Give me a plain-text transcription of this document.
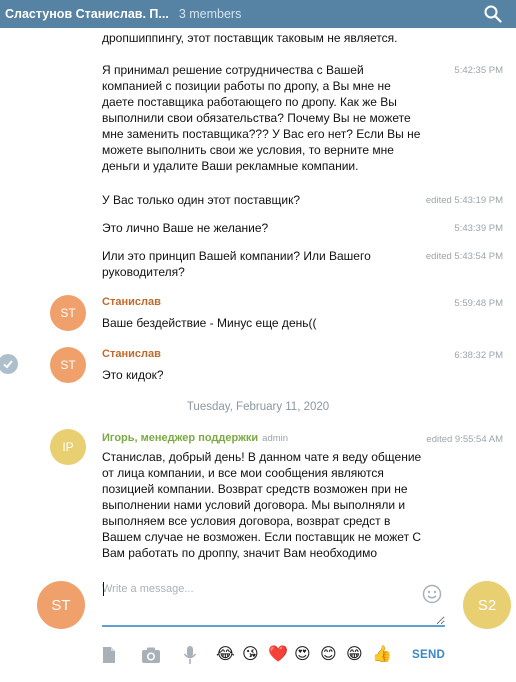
Сластунов Станислав. П... 3 members
дропшиппингу, этот поставщик таковым не является.
Я принимал решение сотрудничества с Вашей компанией с позиции работы по дропу, а Вы мне не даете поставщика работающего по дропу. Как же Вы выполнили свои обязательства? Почему Вы не можете мне заменить поставщика??? У Вас его нет? Если Вы не можете выполнить свои же условия, то верните мне деньги и удалите Ваши рекламные компании.
5:42:35 PM
У Вас только один этот поставщик?	edited 5:43:19 PM
Это лично Ваше не желание?	5:43:39 PM
Или это принцип Вашей компании? Или Вашего руководителя?
edited 5:43:54 PM
ST
Станислав	5:59:48 PM
Ваше бездействие - Минус еще день((
ST
Станислав	6:38:32 PM
Это кидок?
Tuesday, February 11, 2020
IP
Игорь, менеджер поддержки admin	edited 9:55:54 AM
Станислав, добрый день! В данном чате я веду общение от лица компании, и все мои сообщения являются позицией компании. Возврат средств возможен при не выполнении нами условий договора. Мы выполняли и выполняем все условия договора, возврат средст в Вашем случае не возможен. Если поставщик не может С Вам работать по дроппу, значит Вам необходимо
ST
Write a message...	S2
😂 😘 ❤️ 😍 😊 😁 👍 SEND
